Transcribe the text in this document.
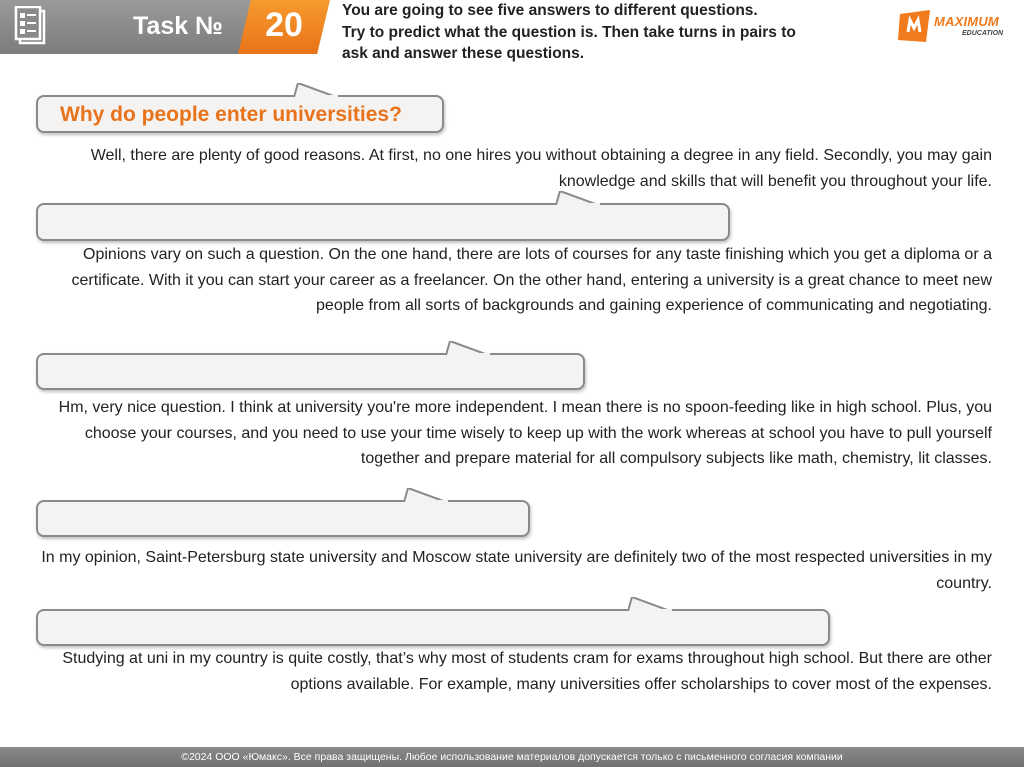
Task № 20	You are going to see five answers to different questions.
Try to predict what the question is. Then take turns in pairs to
ask and answer these questions.
MAXIMUM
EDUCATION
Why do people enter universities?
Well, there are plenty of good reasons. At first, no one hires you without obtaining a degree in any field. Secondly, you may gain knowledge and skills that will benefit you throughout your life.
Opinions vary on such a question. On the one hand, there are lots of courses for any taste finishing which you get a diploma or a certificate. With it you can start your career as a freelancer. On the other hand, entering a university is a great chance to meet new people from all sorts of backgrounds and gaining experience of communicating and negotiating.
Hm, very nice question. I think at university you're more independent. I mean there is no spoon-feeding like in high school. Plus, you choose your courses, and you need to use your time wisely to keep up with the work whereas at school you have to pull yourself together and prepare material for all compulsory subjects like math, chemistry, lit classes.
In my opinion, Saint-Petersburg state university and Moscow state university are definitely two of the most respected universities in my country.
Studying at uni in my country is quite costly, that’s why most of students cram for exams throughout high school. But there are other options available. For example, many universities offer scholarships to cover most of the expenses.
©2024 ООО «Юмакс». Все права защищены. Любое использование материалов допускается только с письменного согласия компании
